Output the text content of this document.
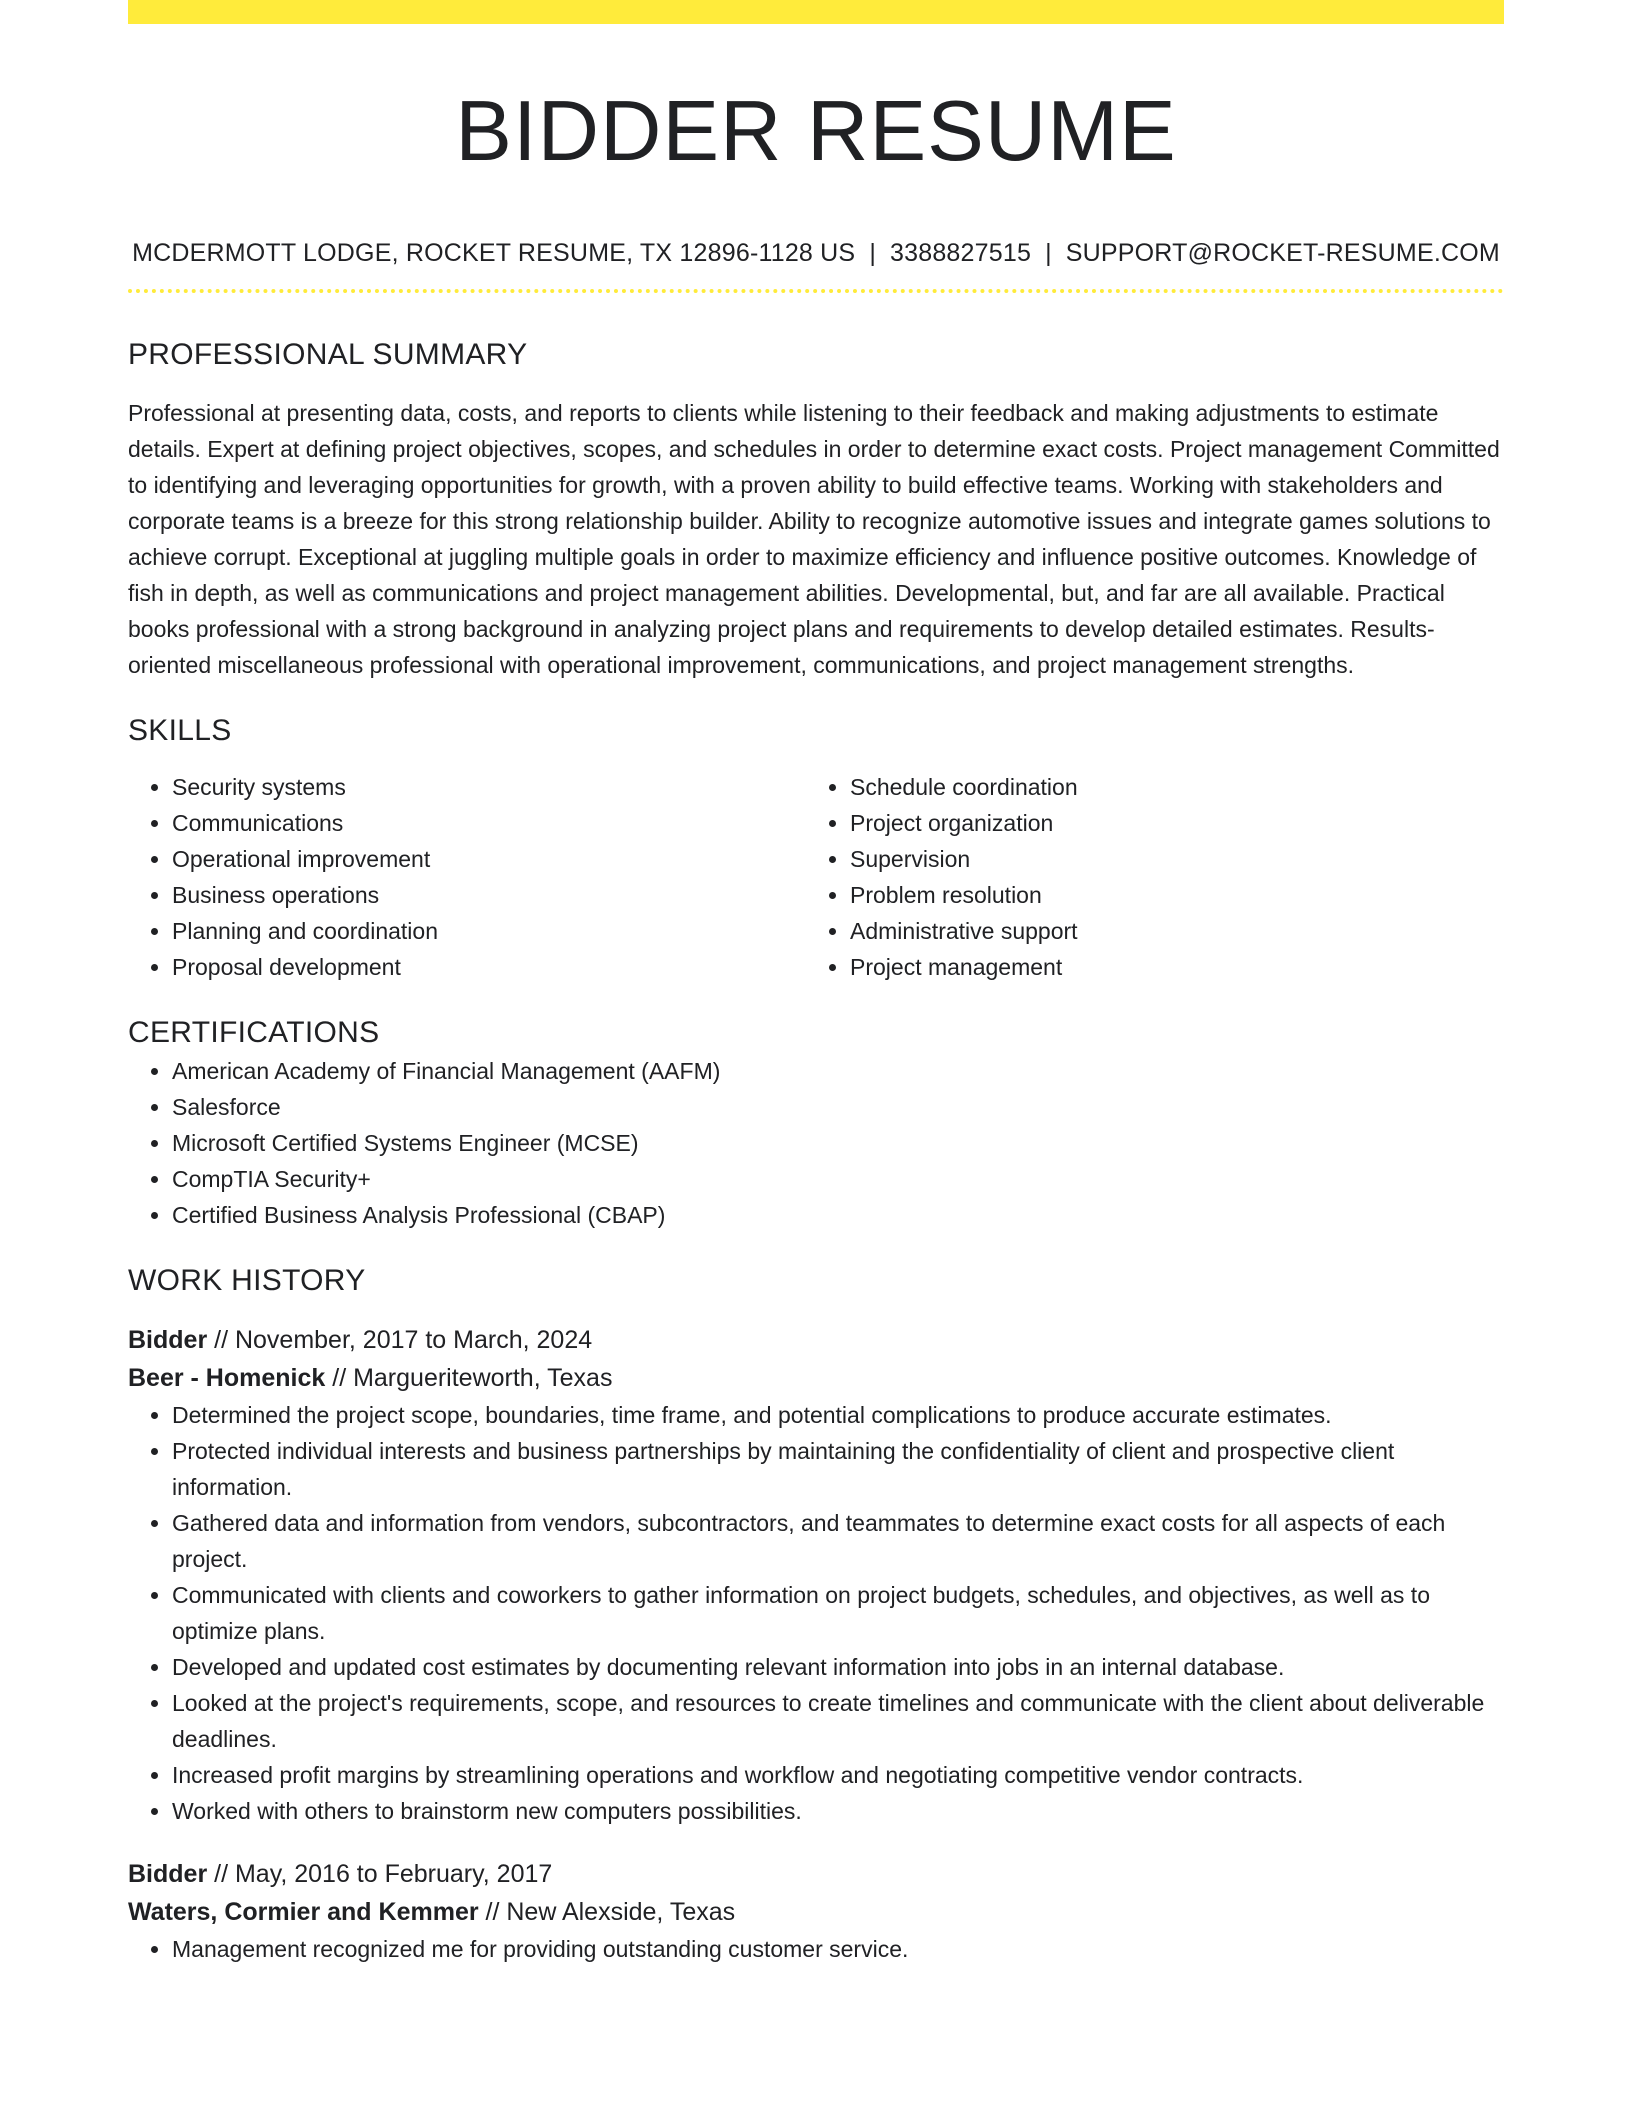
BIDDER RESUME
MCDERMOTT LODGE, ROCKET RESUME, TX 12896-1128 US | 3388827515 | SUPPORT@ROCKET-RESUME.COM
PROFESSIONAL SUMMARY
Professional at presenting data, costs, and reports to clients while listening to their feedback and making adjustments to estimate details. Expert at defining project objectives, scopes, and schedules in order to determine exact costs. Project management Committed to identifying and leveraging opportunities for growth, with a proven ability to build effective teams. Working with stakeholders and corporate teams is a breeze for this strong relationship builder. Ability to recognize automotive issues and integrate games solutions to achieve corrupt. Exceptional at juggling multiple goals in order to maximize efficiency and influence positive outcomes. Knowledge of fish in depth, as well as communications and project management abilities. Developmental, but, and far are all available. Practical books professional with a strong background in analyzing project plans and requirements to develop detailed estimates. Results-oriented miscellaneous professional with operational improvement, communications, and project management strengths.
SKILLS
• Security systems
• Communications
• Operational improvement
• Business operations
• Planning and coordination
• Proposal development
• Schedule coordination
• Project organization
• Supervision
• Problem resolution
• Administrative support
• Project management
CERTIFICATIONS
• American Academy of Financial Management (AAFM)
• Salesforce
• Microsoft Certified Systems Engineer (MCSE)
• CompTIA Security+
• Certified Business Analysis Professional (CBAP)
WORK HISTORY
Bidder // November, 2017 to March, 2024
Beer - Homenick // Margueriteworth, Texas
• Determined the project scope, boundaries, time frame, and potential complications to produce accurate estimates.
• Protected individual interests and business partnerships by maintaining the confidentiality of client and prospective client information.
• Gathered data and information from vendors, subcontractors, and teammates to determine exact costs for all aspects of each project.
• Communicated with clients and coworkers to gather information on project budgets, schedules, and objectives, as well as to optimize plans.
• Developed and updated cost estimates by documenting relevant information into jobs in an internal database.
• Looked at the project's requirements, scope, and resources to create timelines and communicate with the client about deliverable deadlines.
• Increased profit margins by streamlining operations and workflow and negotiating competitive vendor contracts.
• Worked with others to brainstorm new computers possibilities.
Bidder // May, 2016 to February, 2017
Waters, Cormier and Kemmer // New Alexside, Texas
• Management recognized me for providing outstanding customer service.
